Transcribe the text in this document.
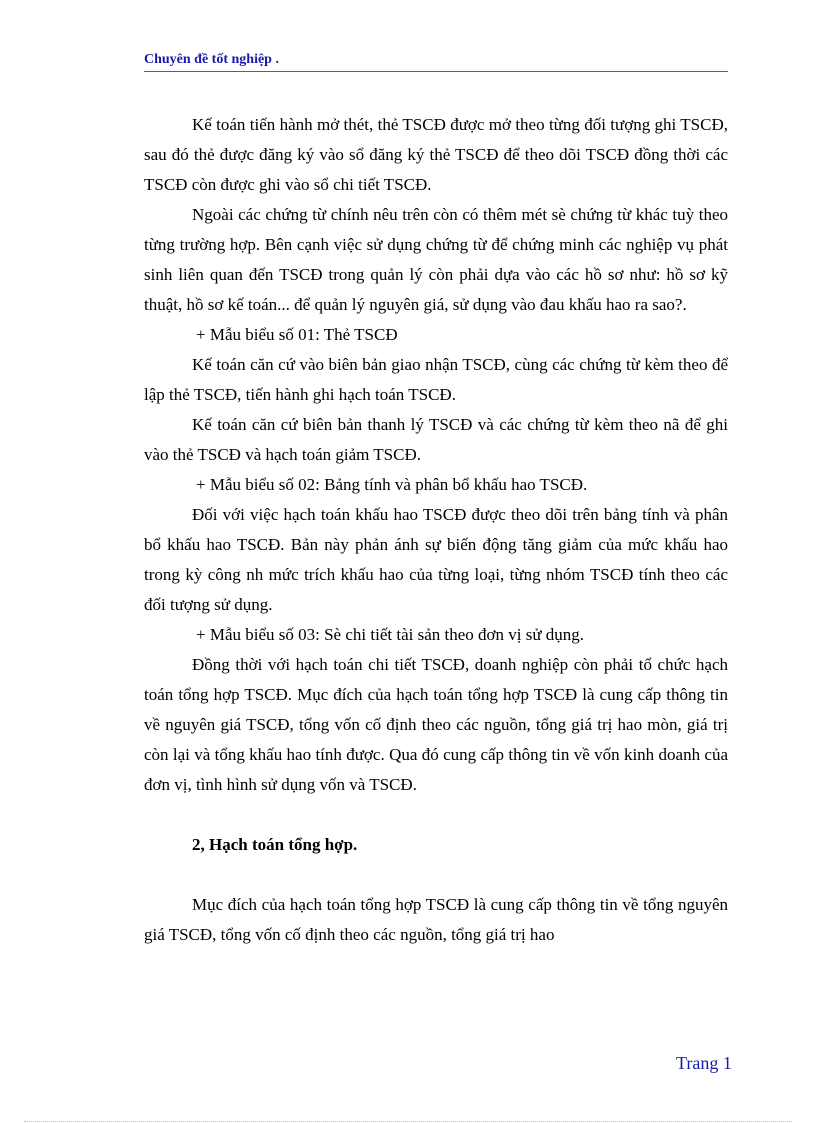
Chuyên đề tốt nghiệp .

Kế toán tiến hành mở thét, thẻ TSCĐ được mở theo từng đối tượng ghi TSCĐ, sau đó thẻ được đăng ký vào sổ đăng ký thẻ TSCĐ để theo dõi TSCĐ đồng thời các TSCĐ còn được ghi vào sổ chi tiết TSCĐ.

Ngoài các chứng từ chính nêu trên còn có thêm mét sè chứng từ khác tuỳ theo từng trường hợp. Bên cạnh việc sử dụng chứng từ để chứng minh các nghiệp vụ phát sinh liên quan đến TSCĐ trong quản lý còn phải dựa vào các hồ sơ như: hồ sơ kỹ thuật, hồ sơ kế toán... để quản lý nguyên giá, sử dụng vào đau khấu hao ra sao?.

+ Mẫu biểu số 01: Thẻ TSCĐ

Kế toán căn cứ vào biên bản giao nhận TSCĐ, cùng các chứng từ kèm theo để lập thẻ TSCĐ, tiến hành ghi hạch toán TSCĐ.

Kế toán căn cứ biên bản thanh lý TSCĐ và các chứng từ kèm theo nã để ghi vào thẻ TSCĐ và hạch toán giảm TSCĐ.

+ Mẫu biểu số 02: Bảng tính và phân bổ khấu hao TSCĐ.

Đối với việc hạch toán khấu hao TSCĐ được theo dõi trên bảng tính và phân bổ khấu hao TSCĐ. Bản này phản ánh sự biến động tăng giảm của mức khấu hao trong kỳ công nh mức trích khấu hao của từng loại, từng nhóm TSCĐ tính theo các đối tượng sử dụng.

+ Mẫu biểu số 03: Sè chi tiết tài sản theo đơn vị sử dụng.

Đồng thời với hạch toán chi tiết TSCĐ, doanh nghiệp còn phải tổ chức hạch toán tổng hợp TSCĐ. Mục đích của hạch toán tổng hợp TSCĐ là cung cấp thông tin về nguyên giá TSCĐ, tổng vốn cố định theo các nguồn, tổng giá trị hao mòn, giá trị còn lại và tổng khấu hao tính được. Qua đó cung cấp thông tin về vốn kinh doanh của đơn vị, tình hình sử dụng vốn và TSCĐ.

2, Hạch toán tổng hợp.

Mục đích của hạch toán tổng hợp TSCĐ là cung cấp thông tin về tổng nguyên giá TSCĐ, tổng vốn cố định theo các nguồn, tổng giá trị hao

Trang 1
